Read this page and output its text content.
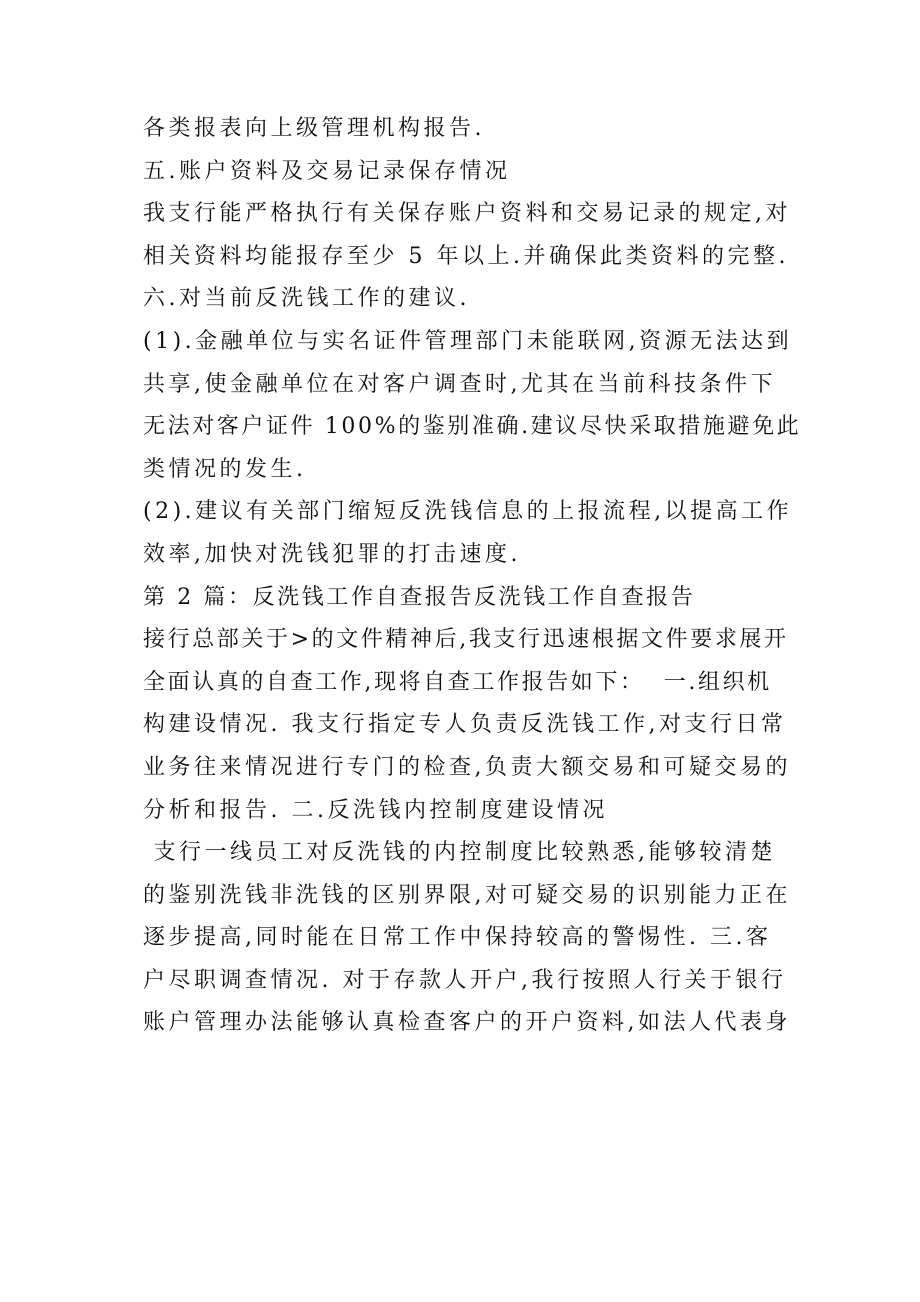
各类报表向上级管理机构报告.
五.账户资料及交易记录保存情况
我支行能严格执行有关保存账户资料和交易记录的规定,对
相关资料均能报存至少 5 年以上.并确保此类资料的完整.
六.对当前反洗钱工作的建议.
(1).金融单位与实名证件管理部门未能联网,资源无法达到
共享,使金融单位在对客户调查时,尤其在当前科技条件下
无法对客户证件 100%的鉴别准确.建议尽快采取措施避免此
类情况的发生.
(2).建议有关部门缩短反洗钱信息的上报流程,以提高工作
效率,加快对洗钱犯罪的打击速度.
第 2 篇：反洗钱工作自查报告反洗钱工作自查报告
接行总部关于>的文件精神后,我支行迅速根据文件要求展开
全面认真的自查工作,现将自查工作报告如下：  一.组织机
构建设情况. 我支行指定专人负责反洗钱工作,对支行日常
业务往来情况进行专门的检查,负责大额交易和可疑交易的
分析和报告. 二.反洗钱内控制度建设情况
支行一线员工对反洗钱的内控制度比较熟悉,能够较清楚
的鉴别洗钱非洗钱的区别界限,对可疑交易的识别能力正在
逐步提高,同时能在日常工作中保持较高的警惕性. 三.客
户尽职调查情况. 对于存款人开户,我行按照人行关于银行
账户管理办法能够认真检查客户的开户资料,如法人代表身
